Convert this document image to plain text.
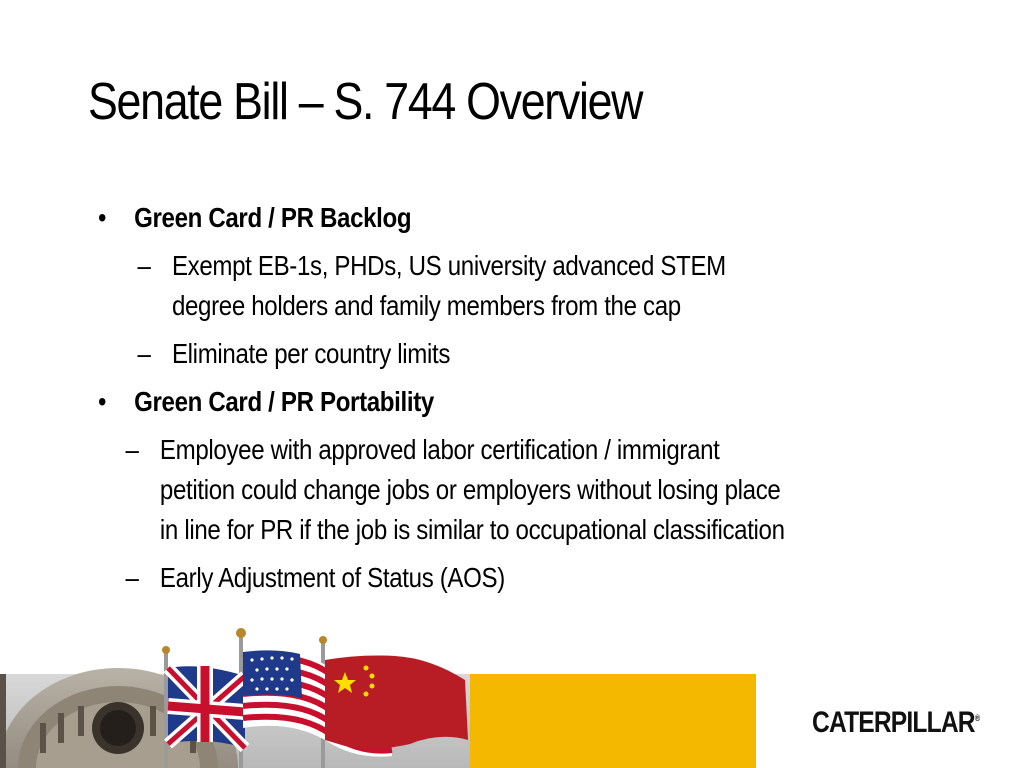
Senate Bill – S. 744 Overview
•	Green Card / PR Backlog
– Exempt EB-1s, PHDs, US university advanced STEM
degree holders and family members from the cap
– Eliminate per country limits
•	Green Card / PR Portability
– Employee with approved labor certification / immigrant
petition could change jobs or employers without losing place
in line for PR if the job is similar to occupational classification
– Early Adjustment of Status (AOS)
CATERPILLAR®
